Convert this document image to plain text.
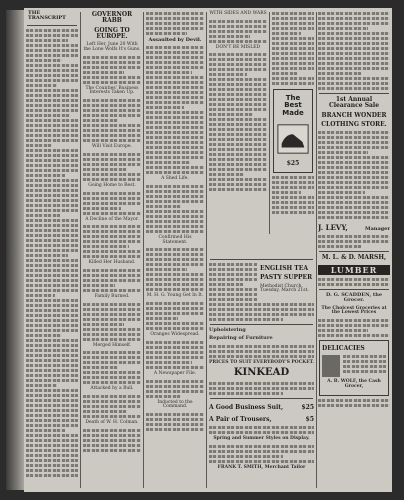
THE TRANSCRIPT
GOVERNOR RABB
GOING TO EUROPE.
Left Her, June 20 With the Lone Wolfs It's Guns.
The Counties' Business Interests Taken Up.
Will Visit Europe.
Going Home to Rest.
A Decline of the Mayor.
Killed Her Husband.
Family Burned.
Merged Himself.
Attacked by a Bull.
Death of W. H. Colman.
Assaulted by Devil.
A Shed Life.
Confirmed His Statement.
M. H. G. Young Get In It.
Oranges Widespread.
A Newspaper File.
Inducted to the Command.
WITH SIDES AND WARS
DON'T BE MISLED
The Best Made
$25
1st Annual Clearance Sale
BRANCH WONDER
CLOTHING STORE.
J. LEVY,	Manager
M. L. & D. MARSH,
LUMBER
D. G. SCADDEN, the Grocer.
The Choicest Groceries at the Lowest Prices
DELICACIES
A. B. WOLF, the Cash Grocer,
ENGLISH TEA
PASTY SUPPER
Methodist Church, Tuesday, March 21st.
Upholstering
Repairing of Furniture
PRICES TO SUIT EVERYBODY'S POCKET.
KINKEAD
A Good Business Suit,	$25
A Pair of Trousers,	$5
Spring and Summer Styles on Display.
FRANK T. SMITH, Merchant Tailor
